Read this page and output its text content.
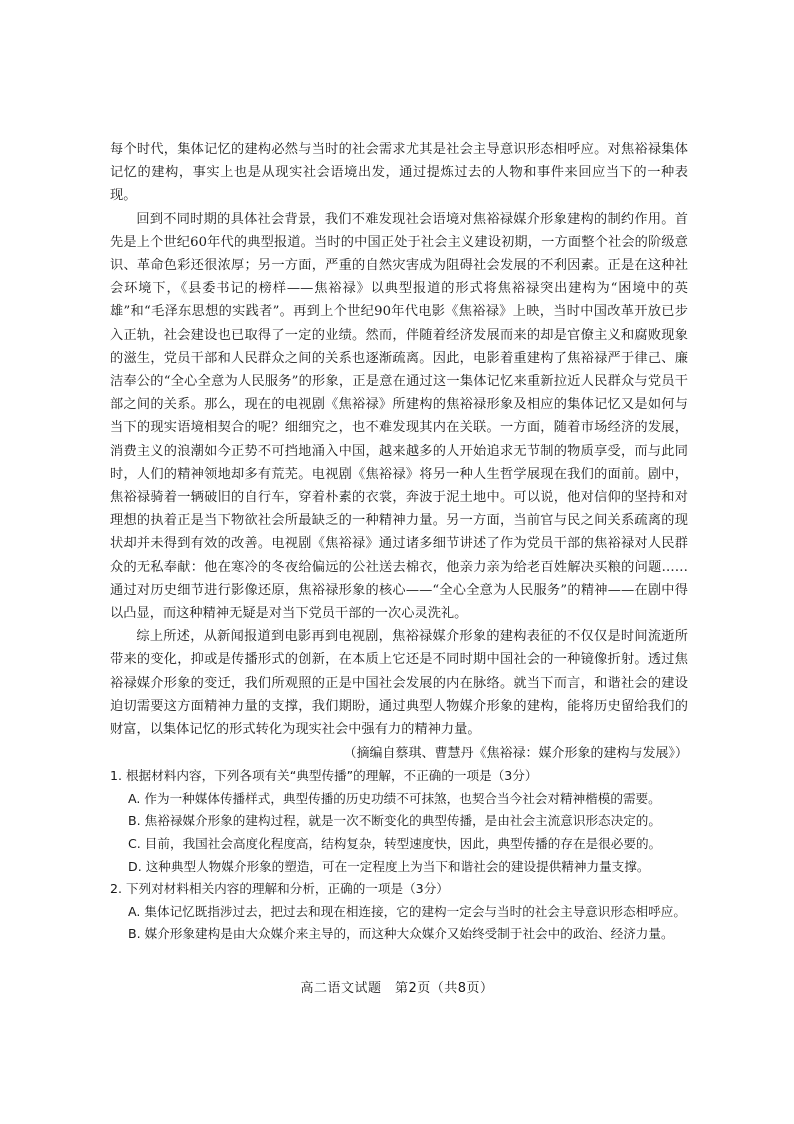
每个时代，集体记忆的建构必然与当时的社会需求尤其是社会主导意识形态相呼应。对焦裕禄集体记忆的建构，事实上也是从现实社会语境出发，通过提炼过去的人物和事件来回应当下的一种表现。

回到不同时期的具体社会背景，我们不难发现社会语境对焦裕禄媒介形象建构的制约作用。首先是上个世纪60年代的典型报道。当时的中国正处于社会主义建设初期，一方面整个社会的阶级意识、革命色彩还很浓厚；另一方面，严重的自然灾害成为阻碍社会发展的不利因素。正是在这种社会环境下，《县委书记的榜样——焦裕禄》以典型报道的形式将焦裕禄突出建构为“困境中的英雄”和“毛泽东思想的实践者”。再到上个世纪90年代电影《焦裕禄》上映，当时中国改革开放已步入正轨，社会建设也已取得了一定的业绩。然而，伴随着经济发展而来的却是官僚主义和腐败现象的滋生，党员干部和人民群众之间的关系也逐渐疏离。因此，电影着重建构了焦裕禄严于律己、廉洁奉公的“全心全意为人民服务”的形象，正是意在通过这一集体记忆来重新拉近人民群众与党员干部之间的关系。那么，现在的电视剧《焦裕禄》所建构的焦裕禄形象及相应的集体记忆又是如何与当下的现实语境相契合的呢？细细究之，也不难发现其内在关联。一方面，随着市场经济的发展，消费主义的浪潮如今正势不可挡地涌入中国，越来越多的人开始追求无节制的物质享受，而与此同时，人们的精神领地却多有荒芜。电视剧《焦裕禄》将另一种人生哲学展现在我们的面前。剧中，焦裕禄骑着一辆破旧的自行车，穿着朴素的衣裳，奔波于泥土地中。可以说，他对信仰的坚持和对理想的执着正是当下物欲社会所最缺乏的一种精神力量。另一方面，当前官与民之间关系疏离的现状却并未得到有效的改善。电视剧《焦裕禄》通过诸多细节讲述了作为党员干部的焦裕禄对人民群众的无私奉献：他在寒冷的冬夜给偏远的公社送去棉衣，他亲力亲为给老百姓解决买粮的问题……通过对历史细节进行影像还原，焦裕禄形象的核心——“全心全意为人民服务”的精神——在剧中得以凸显，而这种精神无疑是对当下党员干部的一次心灵洗礼。

综上所述，从新闻报道到电影再到电视剧，焦裕禄媒介形象的建构表征的不仅仅是时间流逝所带来的变化，抑或是传播形式的创新，在本质上它还是不同时期中国社会的一种镜像折射。透过焦裕禄媒介形象的变迁，我们所观照的正是中国社会发展的内在脉络。就当下而言，和谐社会的建设迫切需要这方面精神力量的支撑，我们期盼，通过典型人物媒介形象的建构，能将历史留给我们的财富，以集体记忆的形式转化为现实社会中强有力的精神力量。

（摘编自蔡琪、曹慧丹《焦裕禄：媒介形象的建构与发展》）

1. 根据材料内容，下列各项有关“典型传播”的理解，不正确的一项是（3分）

A. 作为一种媒体传播样式，典型传播的历史功绩不可抹煞，也契合当今社会对精神楷模的需要。

B. 焦裕禄媒介形象的建构过程，就是一次不断变化的典型传播，是由社会主流意识形态决定的。

C. 目前，我国社会高度化程度高，结构复杂，转型速度快，因此，典型传播的存在是很必要的。

D. 这种典型人物媒介形象的塑造，可在一定程度上为当下和谐社会的建设提供精神力量支撑。

2. 下列对材料相关内容的理解和分析，正确的一项是（3分）

A. 集体记忆既指涉过去，把过去和现在相连接，它的建构一定会与当时的社会主导意识形态相呼应。

B. 媒介形象建构是由大众媒介来主导的，而这种大众媒介又始终受制于社会中的政治、经济力量。

高二语文试题　第2页（共8页）
